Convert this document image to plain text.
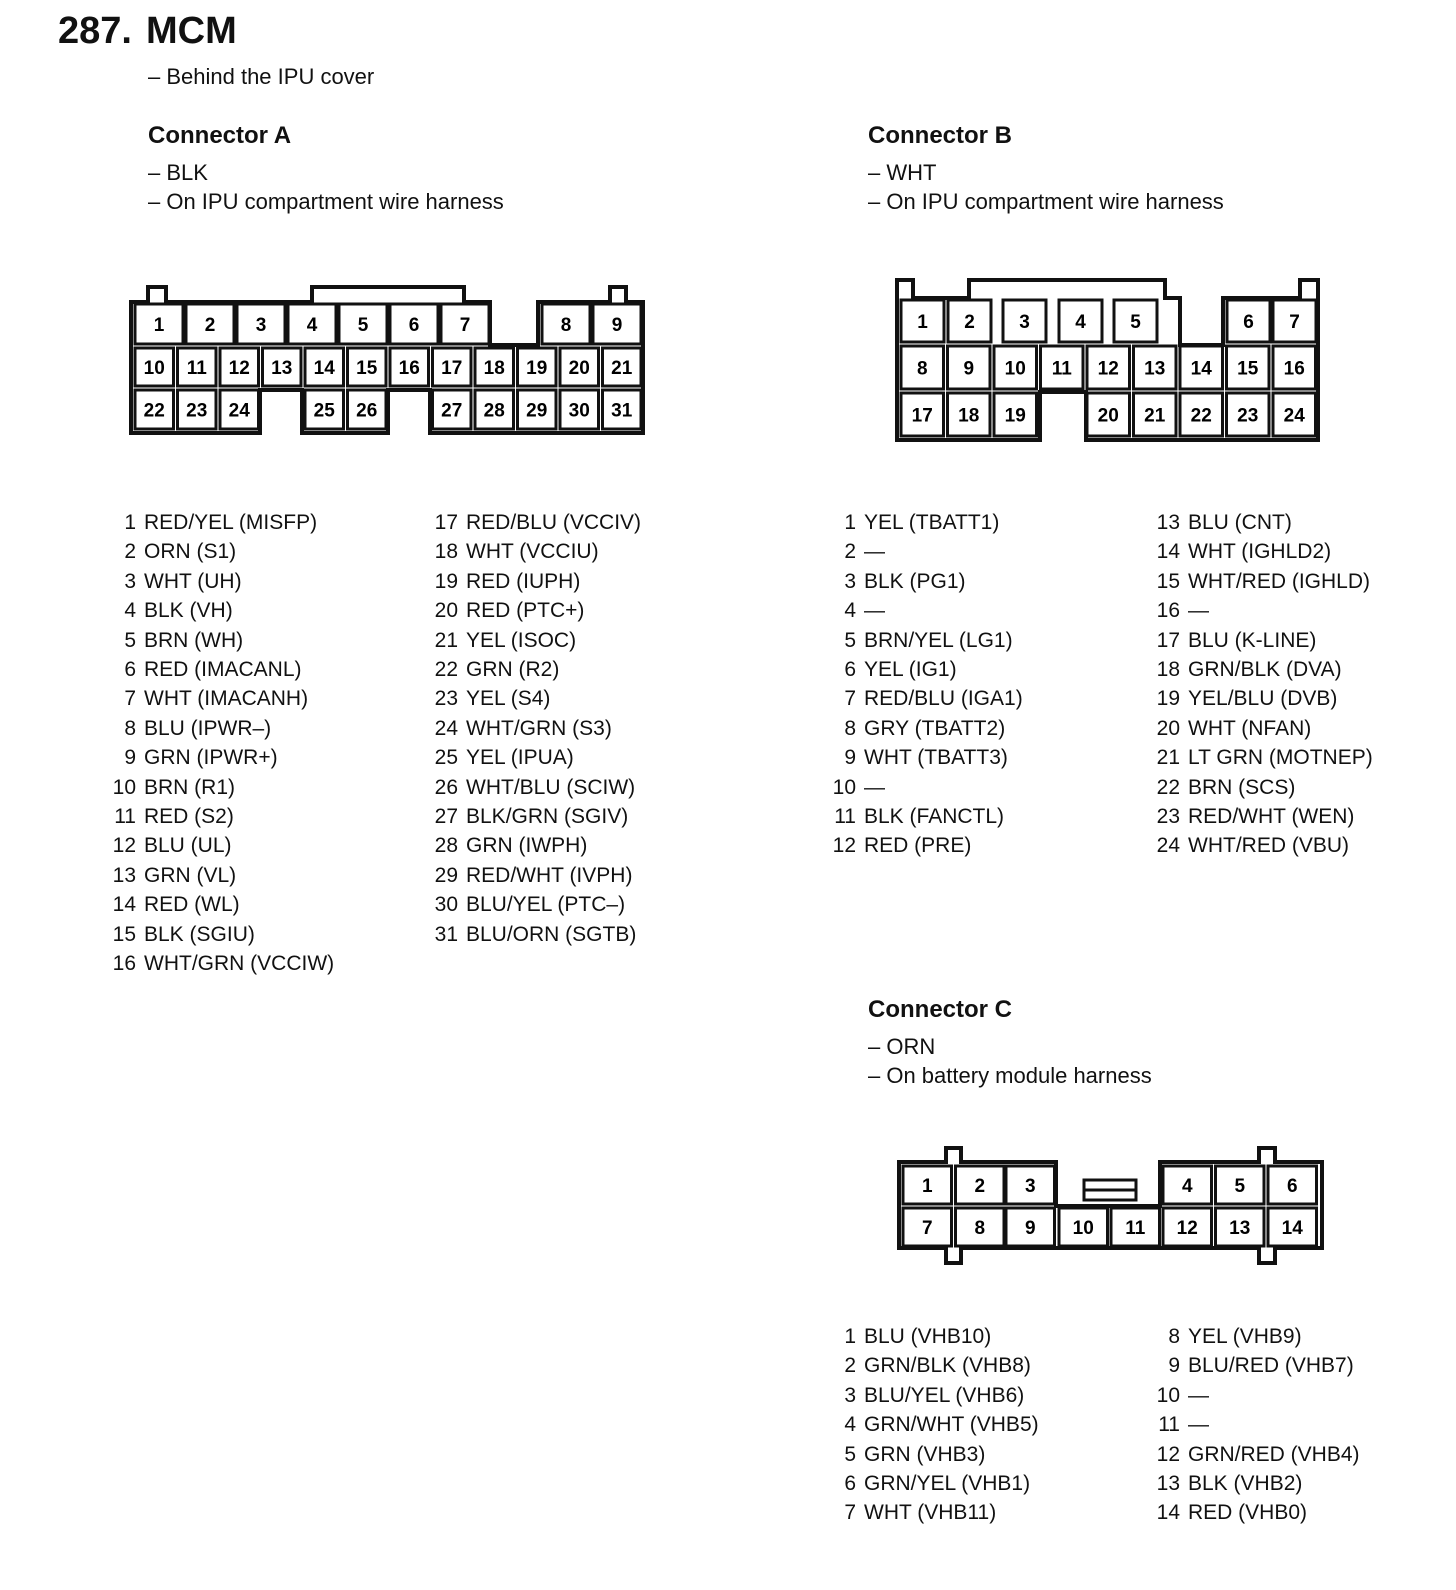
287. MCM
– Behind the IPU cover
Connector A
– BLK
– On IPU compartment wire harness
Connector B
– WHT
– On IPU compartment wire harness
Connector C
– ORN
– On battery module harness
1 2 3 4 5 6 7	8 9
10 11 12 13 14 15 16 17 18 19 20 21
22 23 24	25 26	27 28 29 30 31
1 2 3 4 5	6 7
8 9 10 11 12 13 14 15 16
17 18 19	20 21 22 23 24
1 2 3	4 5 6
7 8 9 10 11 12 13 14
1 RED/YEL (MISFP)
2 ORN (S1)
3 WHT (UH)
4 BLK (VH)
5 BRN (WH)
6 RED (IMACANL)
7 WHT (IMACANH)
8 BLU (IPWR–)
9 GRN (IPWR+)
10 BRN (R1)
11 RED (S2)
12 BLU (UL)
13 GRN (VL)
14 RED (WL)
15 BLK (SGIU)
16 WHT/GRN (VCCIW)
17 RED/BLU (VCCIV)
18 WHT (VCCIU)
19 RED (IUPH)
20 RED (PTC+)
21 YEL (ISOC)
22 GRN (R2)
23 YEL (S4)
24 WHT/GRN (S3)
25 YEL (IPUA)
26 WHT/BLU (SCIW)
27 BLK/GRN (SGIV)
28 GRN (IWPH)
29 RED/WHT (IVPH)
30 BLU/YEL (PTC–)
31 BLU/ORN (SGTB)
1 YEL (TBATT1)
2 —
3 BLK (PG1)
4 —
5 BRN/YEL (LG1)
6 YEL (IG1)
7 RED/BLU (IGA1)
8 GRY (TBATT2)
9 WHT (TBATT3)
10 —
11 BLK (FANCTL)
12 RED (PRE)
13 BLU (CNT)
14 WHT (IGHLD2)
15 WHT/RED (IGHLD)
16 —
17 BLU (K-LINE)
18 GRN/BLK (DVA)
19 YEL/BLU (DVB)
20 WHT (NFAN)
21 LT GRN (MOTNEP)
22 BRN (SCS)
23 RED/WHT (WEN)
24 WHT/RED (VBU)
1 BLU (VHB10)
2 GRN/BLK (VHB8)
3 BLU/YEL (VHB6)
4 GRN/WHT (VHB5)
5 GRN (VHB3)
6 GRN/YEL (VHB1)
7 WHT (VHB11)
8 YEL (VHB9)
9 BLU/RED (VHB7)
10 —
11 —
12 GRN/RED (VHB4)
13 BLK (VHB2)
14 RED (VHB0)
